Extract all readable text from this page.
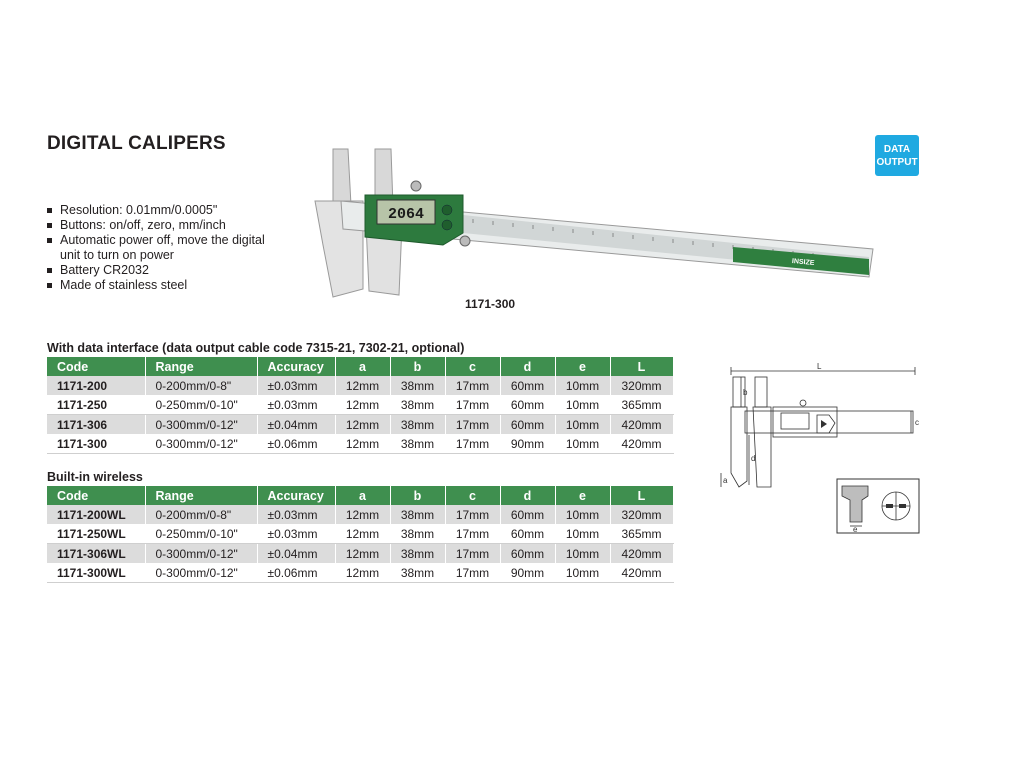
DIGITAL CALIPERS	DATA
OUTPUT
Resolution: 0.01mm/0.0005"
Buttons: on/off, zero, mm/inch
Automatic power off, move the digital unit to turn on power
Battery CR2032
Made of stainless steel
2064
INSIZE
1171-300
With data interface (data output cable code 7315-21, 7302-21, optional)
Code	Range	Accuracy	a	b	c	d	e	L
1171-200	0-200mm/0-8"	±0.03mm	12mm	38mm	17mm	60mm	10mm	320mm
1171-250	0-250mm/0-10"	±0.03mm	12mm	38mm	17mm	60mm	10mm	365mm
1171-306	0-300mm/0-12"	±0.04mm	12mm	38mm	17mm	60mm	10mm	420mm
1171-300	0-300mm/0-12"	±0.06mm	12mm	38mm	17mm	90mm	10mm	420mm
Built-in wireless
Code	Range	Accuracy	a	b	c	d	e	L
1171-200WL	0-200mm/0-8"	±0.03mm	12mm	38mm	17mm	60mm	10mm	320mm
1171-250WL	0-250mm/0-10"	±0.03mm	12mm	38mm	17mm	60mm	10mm	365mm
1171-306WL	0-300mm/0-12"	±0.04mm	12mm	38mm	17mm	60mm	10mm	420mm
1171-300WL	0-300mm/0-12"	±0.06mm	12mm	38mm	17mm	90mm	10mm	420mm
L
b
d
a
c
e
